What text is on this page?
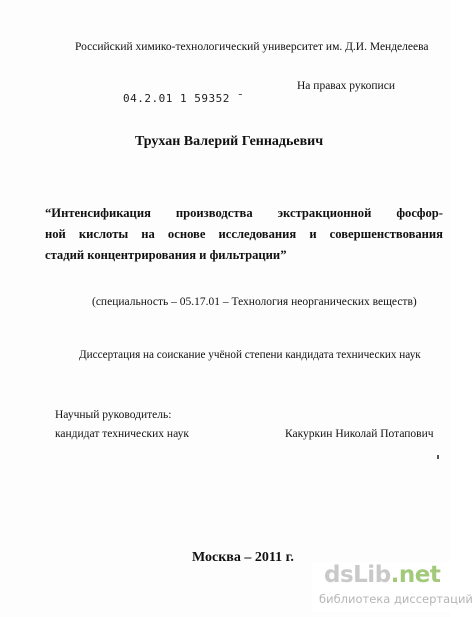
Российский химико-технологический университет им. Д.И. Менделеева
На правах рукописи
04.2.01 1 59352 ˉ
Трухан Валерий Геннадьевич
“Интенсификация производства экстракционной фосфор-
ной кислоты на основе исследования и совершенствования
стадий концентрирования и фильтрации”
(специальность – 05.17.01 – Технология неорганических веществ)
Диссертация на соискание учёной степени кандидата технических наук
Научный руководитель:
кандидат технических наук	Какуркин Николай Потапович
Москва – 2011 г.
dsLib.net
библиотека диссертаций
